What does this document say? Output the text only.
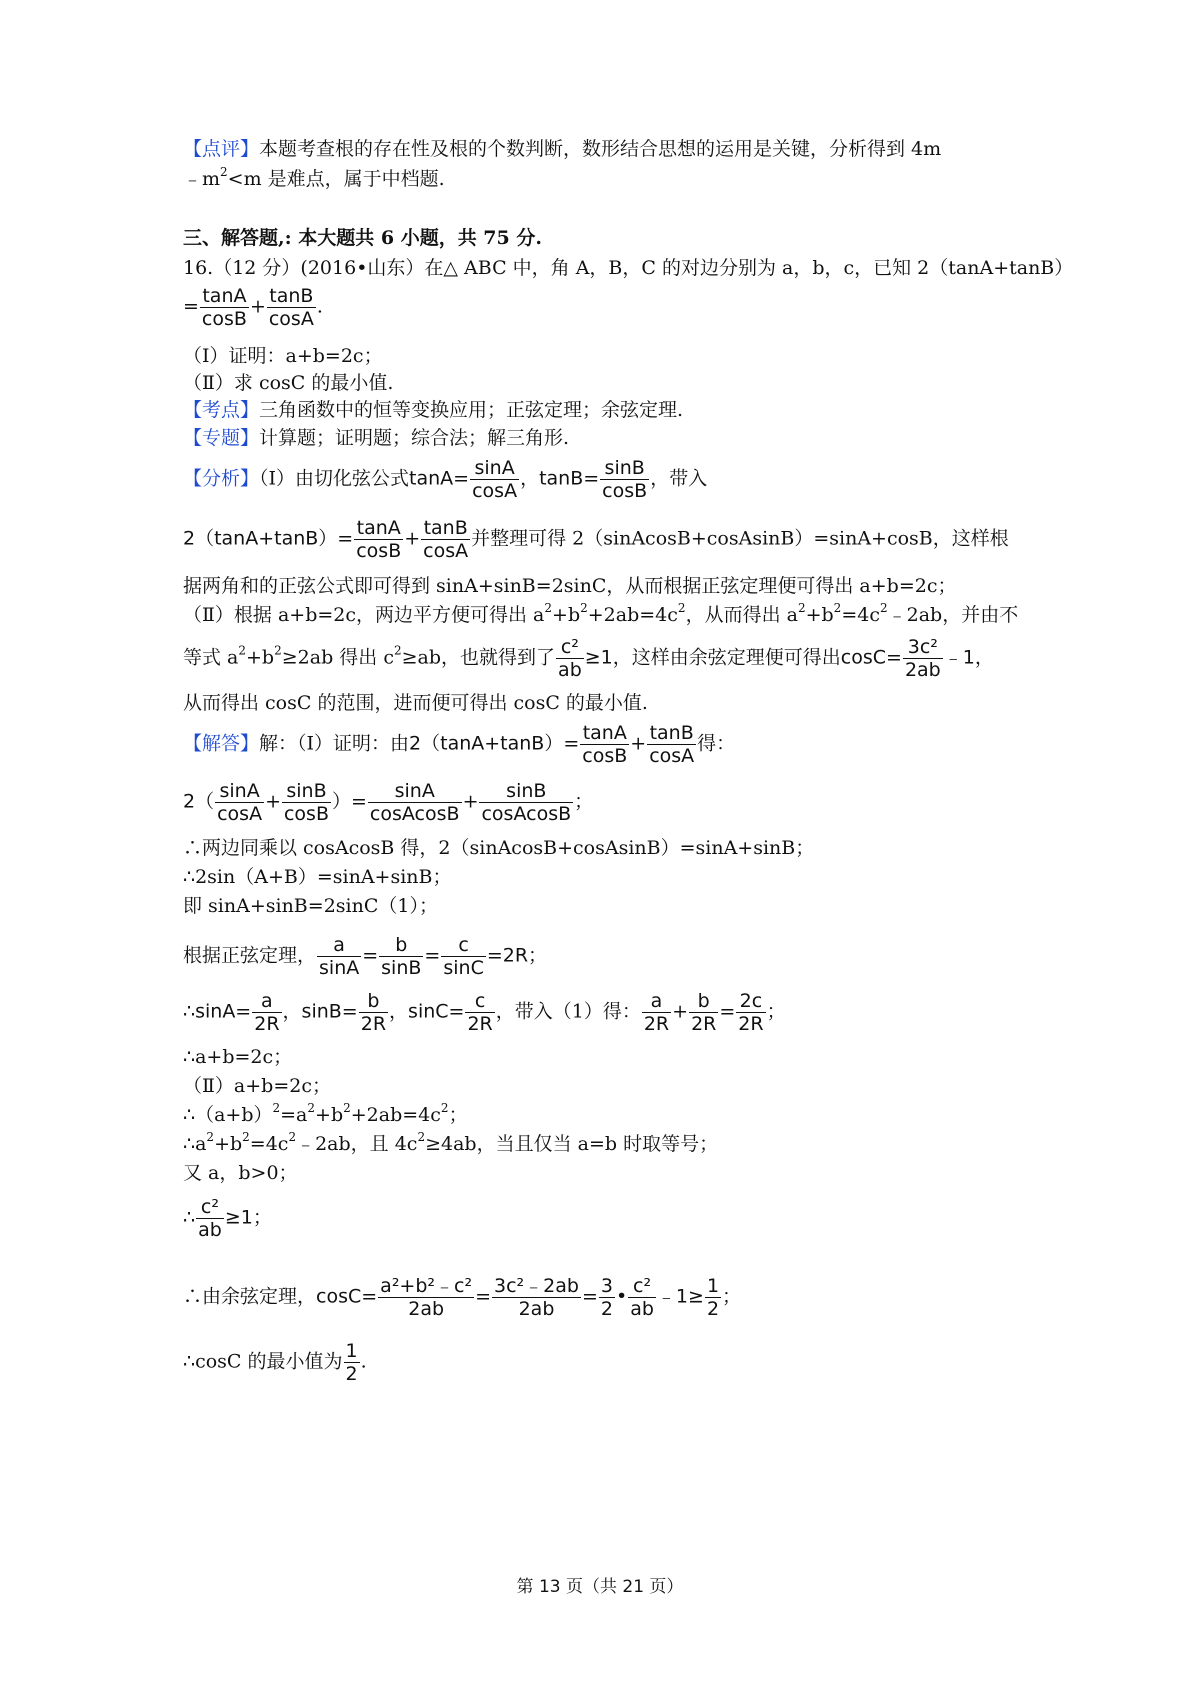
【点评】本题考查根的存在性及根的个数判断，数形结合思想的运用是关键，分析得到 4m
$﹣m^2<m$ 是难点，属于中档题.
三、解答题,: 本大题共 6 小题，共 75 分.
16.（12 分）(2016•山东）在△ ABC 中，角 A，B，C 的对边分别为 a，b，c，已知 2（tanA+tanB）
= $\frac{\tan A}{\cos B} + \frac{\tan B}{\cos A}$ .
（Ⅰ）证明：a+b=2c；
（Ⅱ）求 cosC 的最小值.
【考点】三角函数中的恒等变换应用；正弦定理；余弦定理.
【专题】计算题；证明题；综合法；解三角形.
【分析】（Ⅰ）由切化弦公式$\tan A= \frac{\sin A}{\cos A}$ ，$\tan B= \frac{\sin B}{\cos B}$ ，带入
$2(\tan A+\tan B)= \frac{\tan A}{\cos B} + \frac{\tan B}{\cos A}$ 并整理可得 2（sinAcosB+cosAsinB）=sinA+cosB，这样根
据两角和的正弦公式即可得到 sinA+sinB=2sinC，从而根据正弦定理便可得出 a+b=2c；
（Ⅱ）根据 a+b=2c，两边平方便可得出 $a^2+b^2+2ab=4c^2$，从而得出 $a^2+b^2=4c^2﹣2ab$，并由不
等式 $a^2+b^2\ge 2ab$ 得出 $c^2\ge ab$，也就得到了 $\frac{\text{c²}}{ab} \ge 1$，这样由余弦定理便可得出$\cos C= \frac{\text{3c²}}{2ab}$ ﹣1，
从而得出 cosC 的范围，进而便可得出 cosC 的最小值.
【解答】解：（Ⅰ）证明：由$2(\tan A+\tan B)= \frac{\tan A}{\cos B} + \frac{\tan B}{\cos A}$ 得：
$2( \frac{\sin A}{\cos A} + \frac{\sin B}{\cos B}$ ）= $\frac{\sin A}{\text{cosAcosB}} + \frac{\sin B}{\text{cosAcosB}}$ ；
∴两边同乘以 cosAcosB 得，2（sinAcosB+cosAsinB）=sinA+sinB；
∴2sin（A+B）=sinA+sinB；
即 sinA+sinB=2sinC（1）；
根据正弦定理， $\frac{a}{\sin A} = \frac{b}{\sin B} = \frac{c}{\sin C} =2R$；
∴sinA= $\frac{a}{2R}$ ，$\sin B= \frac{b}{2R}$ ，$\sin C= \frac{c}{2R}$ ，带入（1）得： $\frac{a}{2R} + \frac{b}{2R} = \frac{2c}{2R}$ ；
∴a+b=2c；
（Ⅱ）a+b=2c；
$\therefore(a+b)^2=a^2+b^2+2ab=4c^2$；
$\therefore a^2+b^2=4c^2﹣2ab$，且 $4c^2\ge 4ab$，当且仅当 a=b 时取等号；
又 a，b>0；
∴ $\frac{\text{c²}}{ab} \ge 1$；
∴由余弦定理，$\cos C= \frac{\text{a²+b²﹣c²}}{2ab} = \frac{\text{3c²﹣2ab}}{2ab} = \frac{3}{2}$ • $\frac{\text{c²}}{ab}$ ﹣1≥ $\frac{1}{2}$ ；
∴cosC 的最小值为 $\frac{1}{2}$ .
第 13 页（共 21 页）
